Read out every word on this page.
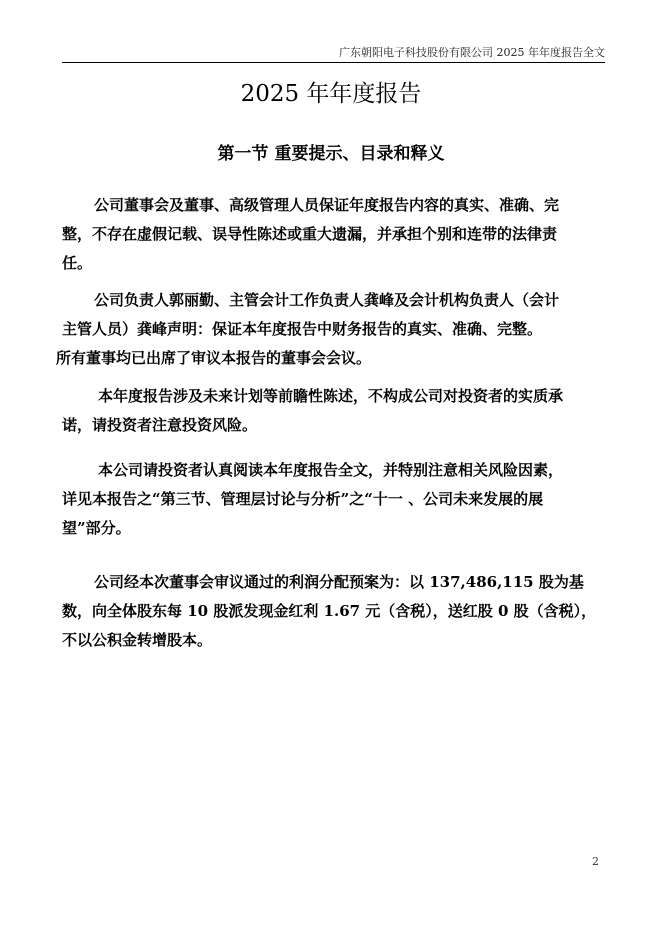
广东朝阳电子科技股份有限公司 2025 年年度报告全文
2025 年年度报告
第一节 重要提示、目录和释义
公司董事会及董事、高级管理人员保证年度报告内容的真实、准确、完
整，不存在虚假记载、误导性陈述或重大遗漏，并承担个别和连带的法律责
任。
公司负责人郭丽勤、主管会计工作负责人龚峰及会计机构负责人（会计
主管人员）龚峰声明：保证本年度报告中财务报告的真实、准确、完整。
所有董事均已出席了审议本报告的董事会会议。
本年度报告涉及未来计划等前瞻性陈述，不构成公司对投资者的实质承
诺，请投资者注意投资风险。
本公司请投资者认真阅读本年度报告全文，并特别注意相关风险因素，
详见本报告之“第三节、管理层讨论与分析”之“十一 、公司未来发展的展
望”部分。
公司经本次董事会审议通过的利润分配预案为：以 137,486,115 股为基
数，向全体股东每 10 股派发现金红利 1.67 元（含税），送红股 0 股（含税），
不以公积金转增股本。
2
